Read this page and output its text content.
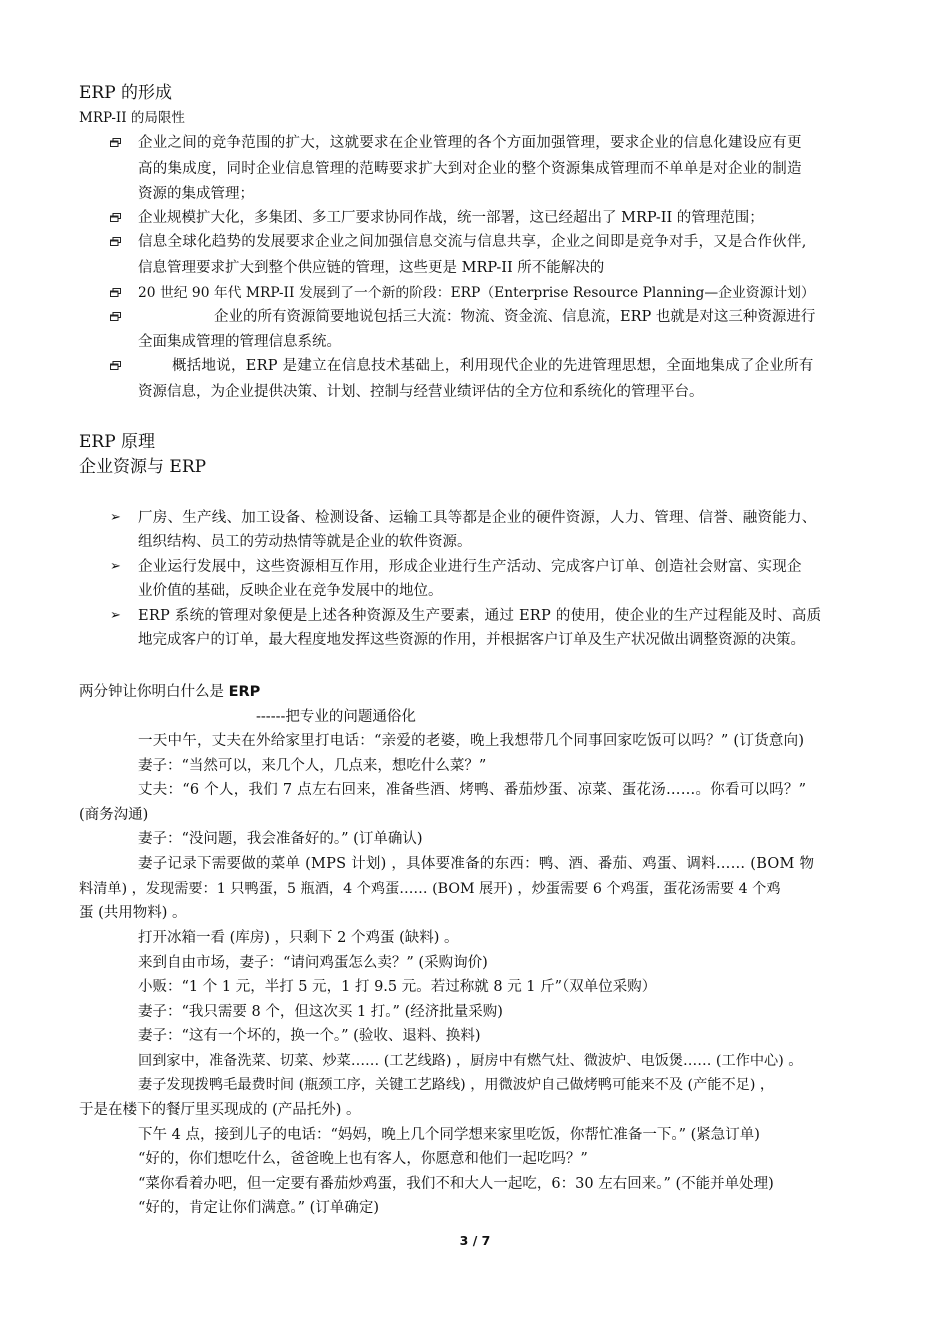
ERP 的形成
MRP-II 的局限性
企业之间的竞争范围的扩大，这就要求在企业管理的各个方面加强管理，要求企业的信息化建设应有更
高的集成度，同时企业信息管理的范畴要求扩大到对企业的整个资源集成管理而不单单是对企业的制造
资源的集成管理；
企业规模扩大化，多集团、多工厂要求协同作战，统一部署，这已经超出了 MRP-II 的管理范围；
信息全球化趋势的发展要求企业之间加强信息交流与信息共享，企业之间即是竞争对手，又是合作伙伴,
信息管理要求扩大到整个供应链的管理，这些更是 MRP-II 所不能解决的
20 世纪 90 年代 MRP-II 发展到了一个新的阶段：ERP（Enterprise Resource Planning—企业资源计划）
企业的所有资源简要地说包括三大流：物流、资金流、信息流，ERP 也就是对这三种资源进行
全面集成管理的管理信息系统。
概括地说，ERP 是建立在信息技术基础上，利用现代企业的先进管理思想，全面地集成了企业所有
资源信息，为企业提供决策、计划、控制与经营业绩评估的全方位和系统化的管理平台。
ERP 原理
企业资源与 ERP
➢ 厂房、生产线、加工设备、检测设备、运输工具等都是企业的硬件资源，人力、管理、信誉、融资能力、
组织结构、员工的劳动热情等就是企业的软件资源。
➢ 企业运行发展中，这些资源相互作用，形成企业进行生产活动、完成客户订单、创造社会财富、实现企
业价值的基础，反映企业在竞争发展中的地位。
➢ ERP 系统的管理对象便是上述各种资源及生产要素，通过 ERP 的使用，使企业的生产过程能及时、高质
地完成客户的订单，最大程度地发挥这些资源的作用，并根据客户订单及生产状况做出调整资源的决策。
两分钟让你明白什么是 ERP
------把专业的问题通俗化
一天中午，丈夫在外给家里打电话：“亲爱的老婆，晚上我想带几个同事回家吃饭可以吗？” (订货意向)
妻子：“当然可以，来几个人，几点来，想吃什么菜？”
丈夫：“6 个人，我们 7 点左右回来，准备些酒、烤鸭、番茄炒蛋、凉菜、蛋花汤……。你看可以吗？”
(商务沟通)
妻子：“没问题，我会准备好的。” (订单确认)
妻子记录下需要做的菜单 (MPS 计划) ，具体要准备的东西：鸭、酒、番茄、鸡蛋、调料…… (BOM 物
料清单) ，发现需要：1 只鸭蛋，5 瓶酒，4 个鸡蛋…… (BOM 展开) ，炒蛋需要 6 个鸡蛋，蛋花汤需要 4 个鸡
蛋 (共用物料) 。
打开冰箱一看 (库房) ，只剩下 2 个鸡蛋 (缺料) 。
来到自由市场，妻子：“请问鸡蛋怎么卖？” (采购询价)
小贩：“1 个 1 元，半打 5 元，1 打 9.5 元。若过称就 8 元 1 斤”（双单位采购）
妻子：“我只需要 8 个，但这次买 1 打。” (经济批量采购)
妻子：“这有一个坏的，换一个。” (验收、退料、换料)
回到家中，准备洗菜、切菜、炒菜…… (工艺线路) ，厨房中有燃气灶、微波炉、电饭煲…… (工作中心) 。
妻子发现拨鸭毛最费时间 (瓶颈工序，关键工艺路线) ，用微波炉自己做烤鸭可能来不及 (产能不足) ，
于是在楼下的餐厅里买现成的 (产品托外) 。
下午 4 点，接到儿子的电话：“妈妈，晚上几个同学想来家里吃饭，你帮忙准备一下。” (紧急订单)
“好的，你们想吃什么，爸爸晚上也有客人，你愿意和他们一起吃吗？”
“菜你看着办吧，但一定要有番茄炒鸡蛋，我们不和大人一起吃，6：30 左右回来。” (不能并单处理)
“好的，肯定让你们满意。” (订单确定)
3 / 7
